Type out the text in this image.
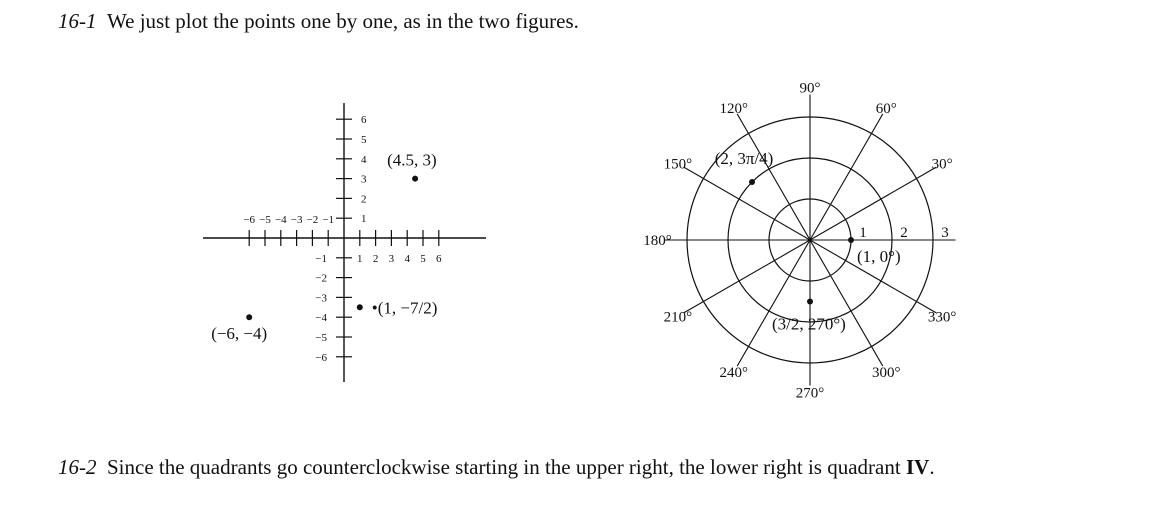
16-1 We just plot the points one by one, as in the two figures.

−6 −5 −4 −3 −2 −1
1 2 3 4 5 6
−6
−5
−4
−3
−2
−1
1
2
3
4
5
6
(4.5, 3)
•(1, −7/2)
(−6, −4)
1 2 3
30°
60°
90°
120°
150°
180°
210°
240°
270°
300°
330°
(2, 3π/4)
(1, 0°)
(3/2, 270°)

16-2 Since the quadrants go counterclockwise starting in the upper right, the lower right is quadrant IV.
